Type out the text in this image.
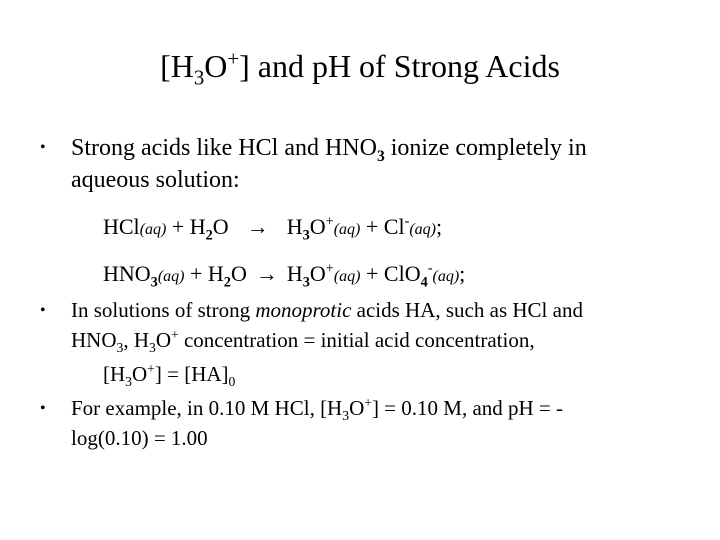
$[H_3O^+]$ and pH of Strong Acids
• Strong acids like HCl and $HNO_3$ ionize completely in
aqueous solution:
$HCl(aq) + H_2O \to H_3O^+(aq) + Cl^-(aq)$;
$HNO_3(aq) + H_2O \to H_3O^+(aq) + ClO_4^-(aq)$;
• In solutions of strong monoprotic acids HA, such as HCl and
$HNO_3$, $H_3O^+$ concentration = initial acid concentration,
$[H_3O^+] = [HA]_0$
• For example, in 0.10 M HCl, $[H_3O^+] = 0.10$ M, and pH = -
log(0.10) = 1.00
